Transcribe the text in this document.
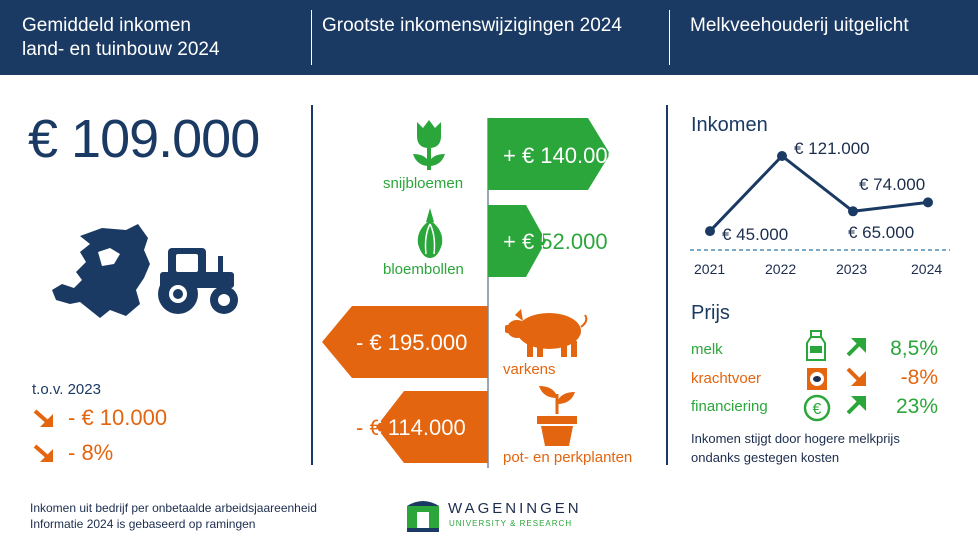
Gemiddeld inkomen
land- en tuinbouw 2024
Grootste inkomenswijzigingen 2024	Melkveehouderij uitgelicht
€ 109.000
t.o.v. 2023
- € 10.000
- 8%
Inkomen uit bedrijf per onbetaalde arbeidsjaareenheid
Informatie 2024 is gebaseerd op ramingen
snijbloemen
+ € 140.000
bloembollen
+ € 52.000
- € 195.000
varkens
- € 114.000
pot- en perkplanten
WAGENINGEN
UNIVERSITY & RESEARCH
Inkomen
2021	2022	2023	2024
€ 45.000
€ 121.000
€ 65.000
€ 74.000
Prijs
melk	8,5%
krachtvoer	-8%
financiering	€	23%
Inkomen stijgt door hogere melkprijs
ondanks gestegen kosten
